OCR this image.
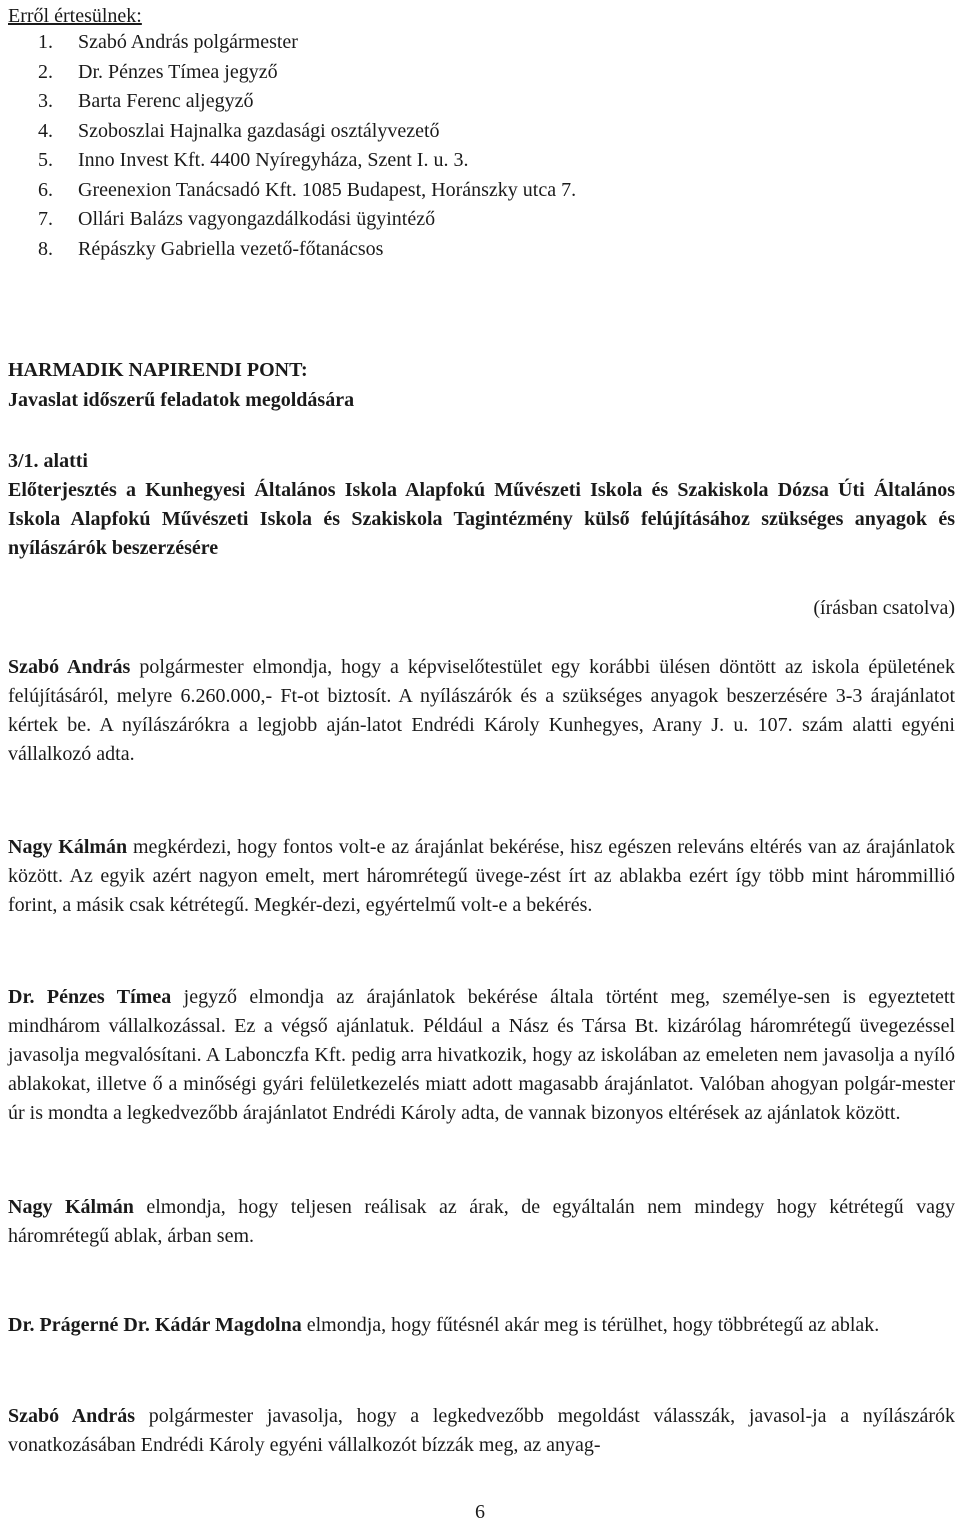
Erről értesülnek:
1. Szabó András polgármester
2. Dr. Pénzes Tímea jegyző
3. Barta Ferenc aljegyző
4. Szoboszlai Hajnalka gazdasági osztályvezető
5. Inno Invest Kft. 4400 Nyíregyháza, Szent I. u. 3.
6. Greenexion Tanácsadó Kft. 1085 Budapest, Horánszky utca 7.
7. Ollári Balázs vagyongazdálkodási ügyintéző
8. Répászky Gabriella vezető-főtanácsos
HARMADIK NAPIRENDI PONT:
Javaslat időszerű feladatok megoldására
3/1. alatti
Előterjesztés a Kunhegyesi Általános Iskola Alapfokú Művészeti Iskola és Szakiskola Dózsa Úti Általános Iskola Alapfokú Művészeti Iskola és Szakiskola Tagintézmény külső felújításához szükséges anyagok és nyílászárók beszerzésére
(írásban csatolva)

Szabó András polgármester elmondja, hogy a képviselőtestület egy korábbi ülésen döntött az iskola épületének felújításáról, melyre 6.260.000,- Ft-ot biztosít. A nyílászárók és a szükséges anyagok beszerzésére 3-3 árajánlatot kértek be. A nyílászárókra a legjobb aján-latot Endrédi Károly Kunhegyes, Arany J. u. 107. szám alatti egyéni vállalkozó adta.

Nagy Kálmán megkérdezi, hogy fontos volt-e az árajánlat bekérése, hisz egészen releváns eltérés van az árajánlatok között. Az egyik azért nagyon emelt, mert háromrétegű üvege-zést írt az ablakba ezért így több mint hárommillió forint, a másik csak kétrétegű. Megkér-dezi, egyértelmű volt-e a bekérés.

Dr. Pénzes Tímea jegyző elmondja az árajánlatok bekérése általa történt meg, személye-sen is egyeztetett mindhárom vállalkozással. Ez a végső ajánlatuk. Például a Nász és Társa Bt. kizárólag háromrétegű üvegezéssel javasolja megvalósítani. A Labonczfa Kft. pedig arra hivatkozik, hogy az iskolában az emeleten nem javasolja a nyíló ablakokat, illetve ő a minőségi gyári felületkezelés miatt adott magasabb árajánlatot. Valóban ahogyan polgár-mester úr is mondta a legkedvezőbb árajánlatot Endrédi Károly adta, de vannak bizonyos eltérések az ajánlatok között.

Nagy Kálmán elmondja, hogy teljesen reálisak az árak, de egyáltalán nem mindegy hogy kétrétegű vagy háromrétegű ablak, árban sem.

Dr. Prágerné Dr. Kádár Magdolna elmondja, hogy fűtésnél akár meg is térülhet, hogy többrétegű az ablak.

Szabó András polgármester javasolja, hogy a legkedvezőbb megoldást válasszák, javasol-ja a nyílászárók vonatkozásában Endrédi Károly egyéni vállalkozót bízzák meg, az anyag-

6
